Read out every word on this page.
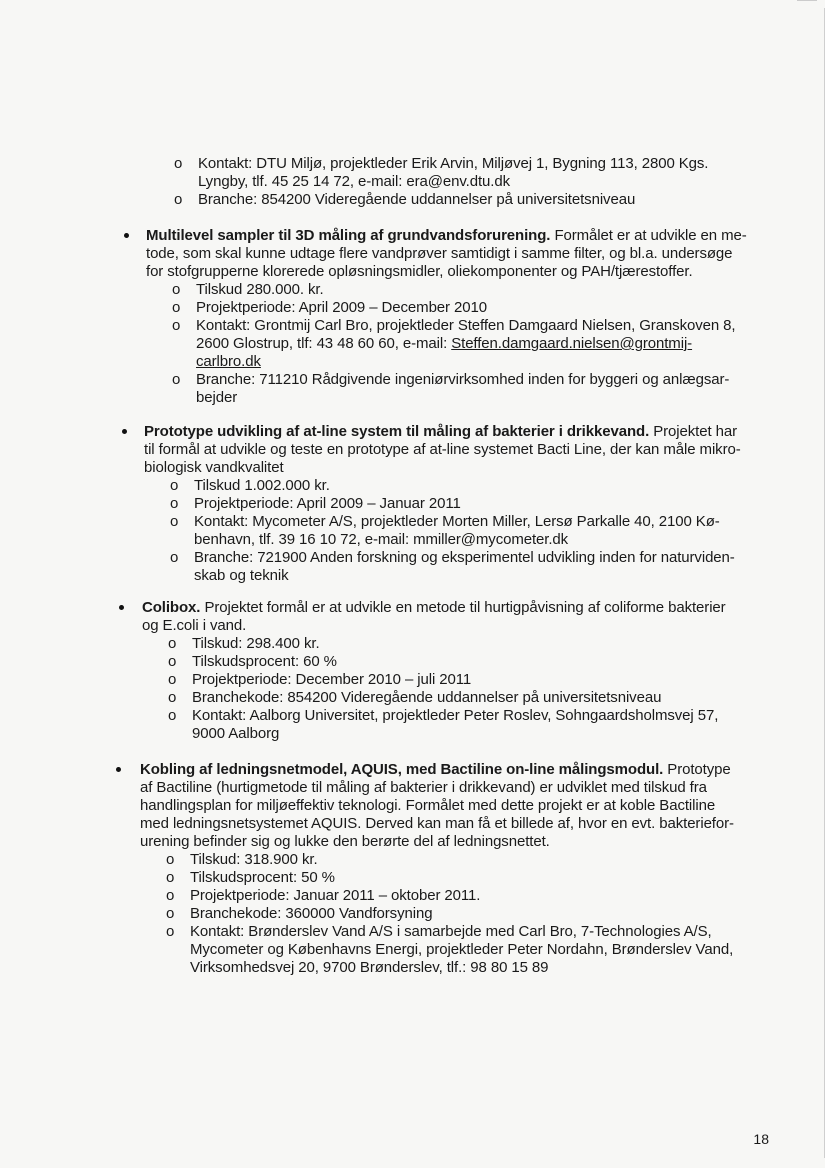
o Kontakt: DTU Miljø, projektleder Erik Arvin, Miljøvej 1, Bygning 113, 2800 Kgs.
Lyngby, tlf. 45 25 14 72, e-mail: era@env.dtu.dk
o Branche: 854200 Videregående uddannelser på universitetsniveau
Multilevel sampler til 3D måling af grundvandsforurening. Formålet er at udvikle en me-
tode, som skal kunne udtage flere vandprøver samtidigt i samme filter, og bl.a. undersøge
for stofgrupperne klorerede opløsningsmidler, oliekomponenter og PAH/tjærestoffer.
o Tilskud 280.000. kr.
o Projektperiode: April 2009 – December 2010
o Kontakt: Grontmij Carl Bro, projektleder Steffen Damgaard Nielsen, Granskoven 8,
2600 Glostrup, tlf: 43 48 60 60, e-mail: Steffen.damgaard.nielsen@grontmij-
carlbro.dk
o Branche: 711210 Rådgivende ingeniørvirksomhed inden for byggeri og anlægsar-
bejder
Prototype udvikling af at-line system til måling af bakterier i drikkevand. Projektet har
til formål at udvikle og teste en prototype af at-line systemet Bacti Line, der kan måle mikro-
biologisk vandkvalitet
o Tilskud 1.002.000 kr.
o Projektperiode: April 2009 – Januar 2011
o Kontakt: Mycometer A/S, projektleder Morten Miller, Lersø Parkalle 40, 2100 Kø-
benhavn, tlf. 39 16 10 72, e-mail: mmiller@mycometer.dk
o Branche: 721900 Anden forskning og eksperimentel udvikling inden for naturviden-
skab og teknik
Colibox. Projektet formål er at udvikle en metode til hurtigpåvisning af coliforme bakterier
og E.coli i vand.
o Tilskud: 298.400 kr.
o Tilskudsprocent: 60 %
o Projektperiode: December 2010 – juli 2011
o Branchekode: 854200 Videregående uddannelser på universitetsniveau
o Kontakt: Aalborg Universitet, projektleder Peter Roslev, Sohngaardsholmsvej 57,
9000 Aalborg
Kobling af ledningsnetmodel, AQUIS, med Bactiline on-line målingsmodul. Prototype
af Bactiline (hurtigmetode til måling af bakterier i drikkevand) er udviklet med tilskud fra
handlingsplan for miljøeffektiv teknologi. Formålet med dette projekt er at koble Bactiline
med ledningsnetsystemet AQUIS. Derved kan man få et billede af, hvor en evt. bakteriefor-
urening befinder sig og lukke den berørte del af ledningsnettet.
o Tilskud: 318.900 kr.
o Tilskudsprocent: 50 %
o Projektperiode: Januar 2011 – oktober 2011.
o Branchekode: 360000 Vandforsyning
o Kontakt: Brønderslev Vand A/S i samarbejde med Carl Bro, 7-Technologies A/S,
Mycometer og Københavns Energi, projektleder Peter Nordahn, Brønderslev Vand,
Virksomhedsvej 20, 9700 Brønderslev, tlf.: 98 80 15 89
18
